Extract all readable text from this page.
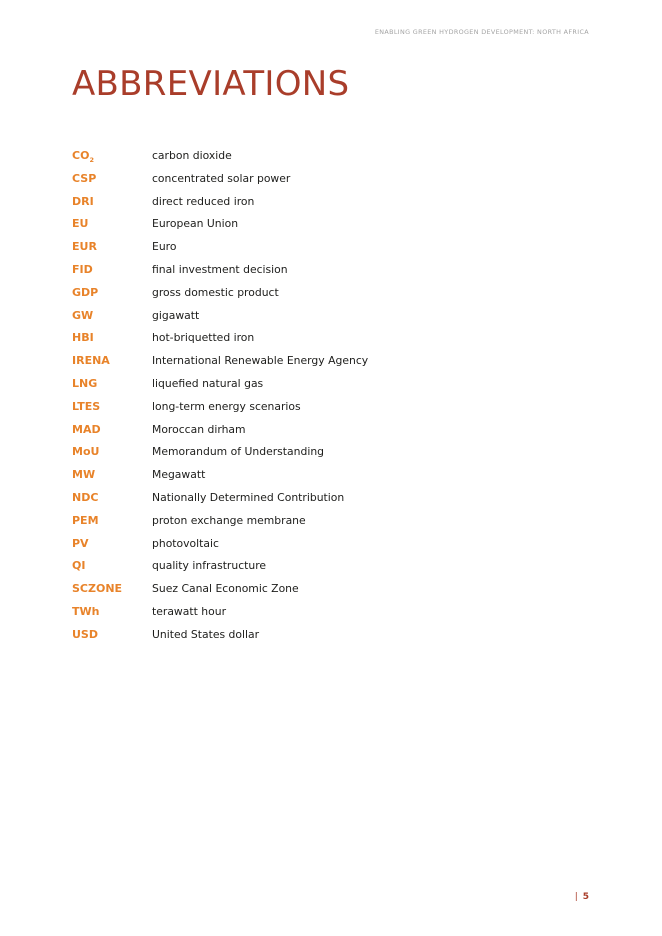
ENABLING GREEN HYDROGEN DEVELOPMENT: NORTH AFRICA
ABBREVIATIONS
$CO_2$	carbon dioxide
CSP	concentrated solar power
DRI	direct reduced iron
EU	European Union
EUR	Euro
FID	final investment decision
GDP	gross domestic product
GW	gigawatt
HBI	hot-briquetted iron
IRENA	International Renewable Energy Agency
LNG	liquefied natural gas
LTES	long-term energy scenarios
MAD	Moroccan dirham
MoU	Memorandum of Understanding
MW	Megawatt
NDC	Nationally Determined Contribution
PEM	proton exchange membrane
PV	photovoltaic
QI	quality infrastructure
SCZONE	Suez Canal Economic Zone
TWh	terawatt hour
USD	United States dollar
| 5
